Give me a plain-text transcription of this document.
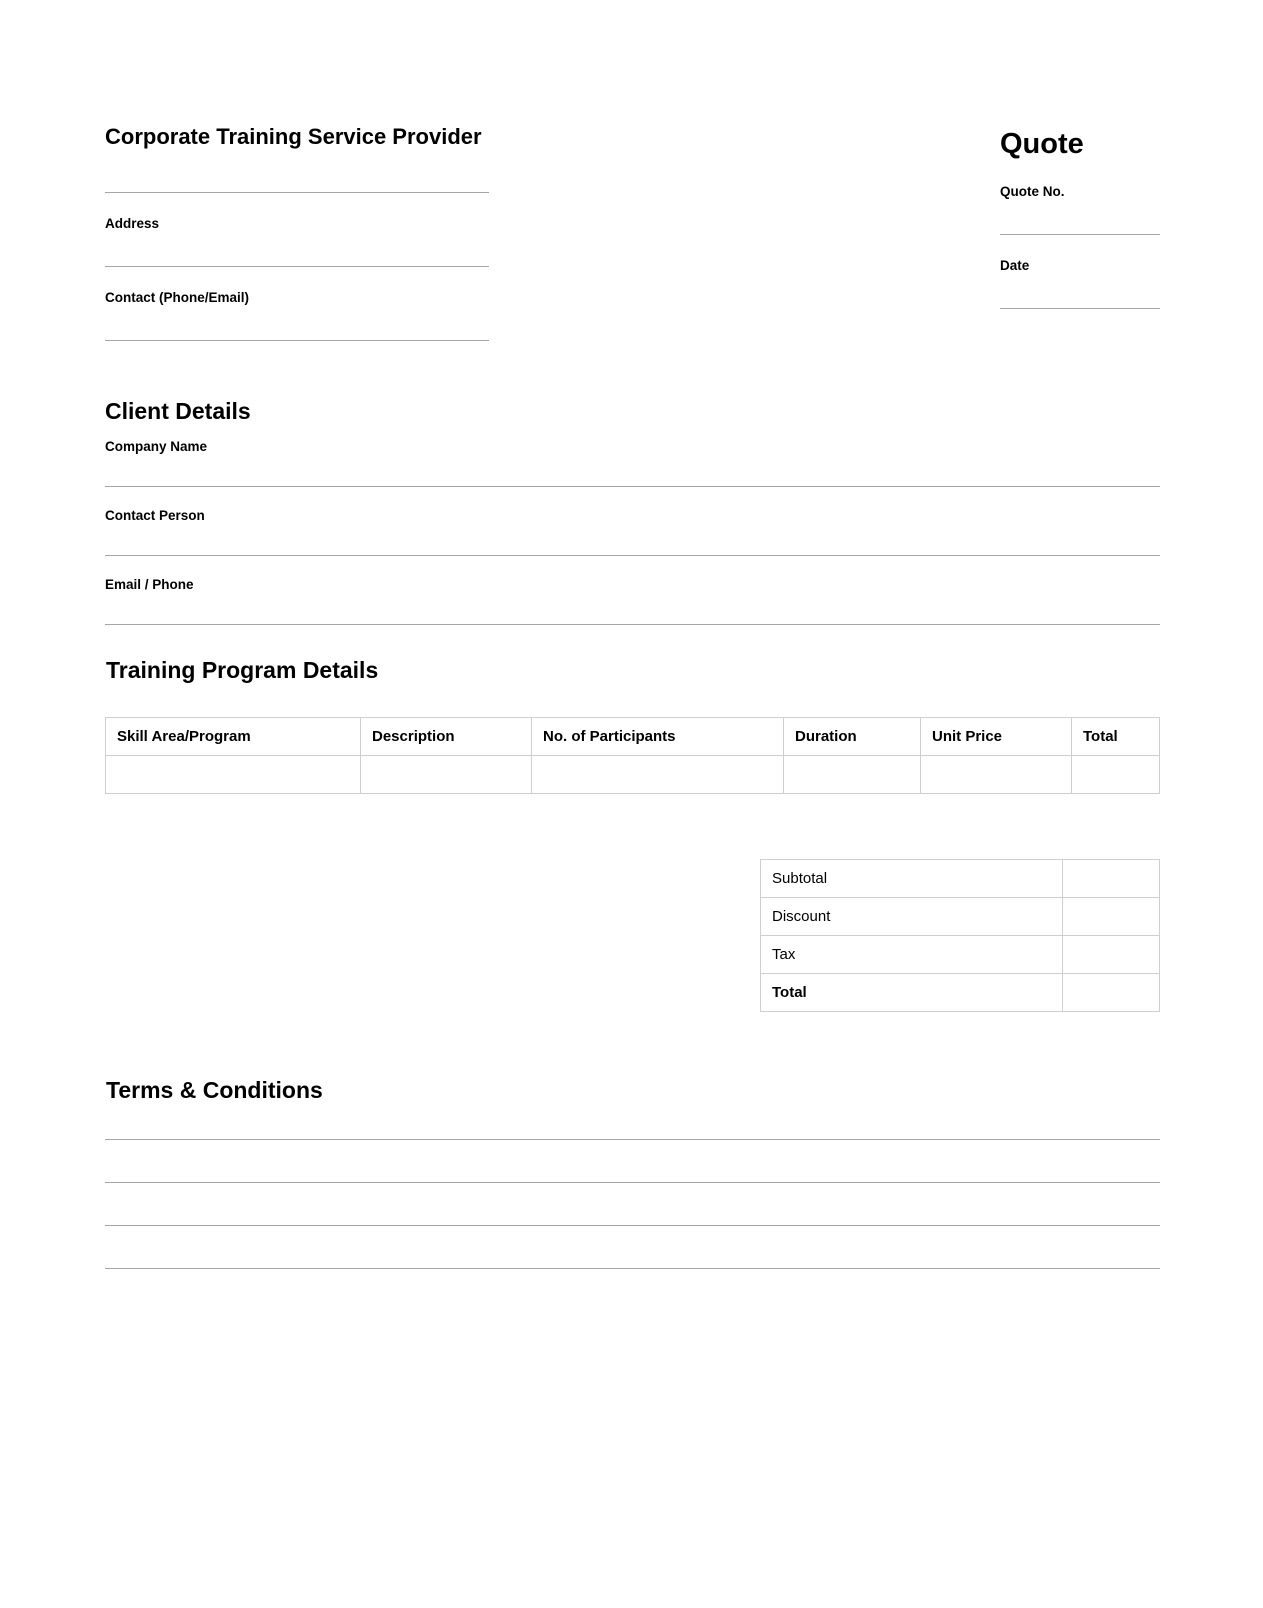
Corporate Training Service Provider
Address
Contact (Phone/Email)
Quote
Quote No.
Date
Client Details
Company Name
Contact Person
Email / Phone
Training Program Details
Skill Area/Program	Description	No. of Participants	Duration	Unit Price	Total

Subtotal	
Discount	
Tax	
Total	
Terms & Conditions
